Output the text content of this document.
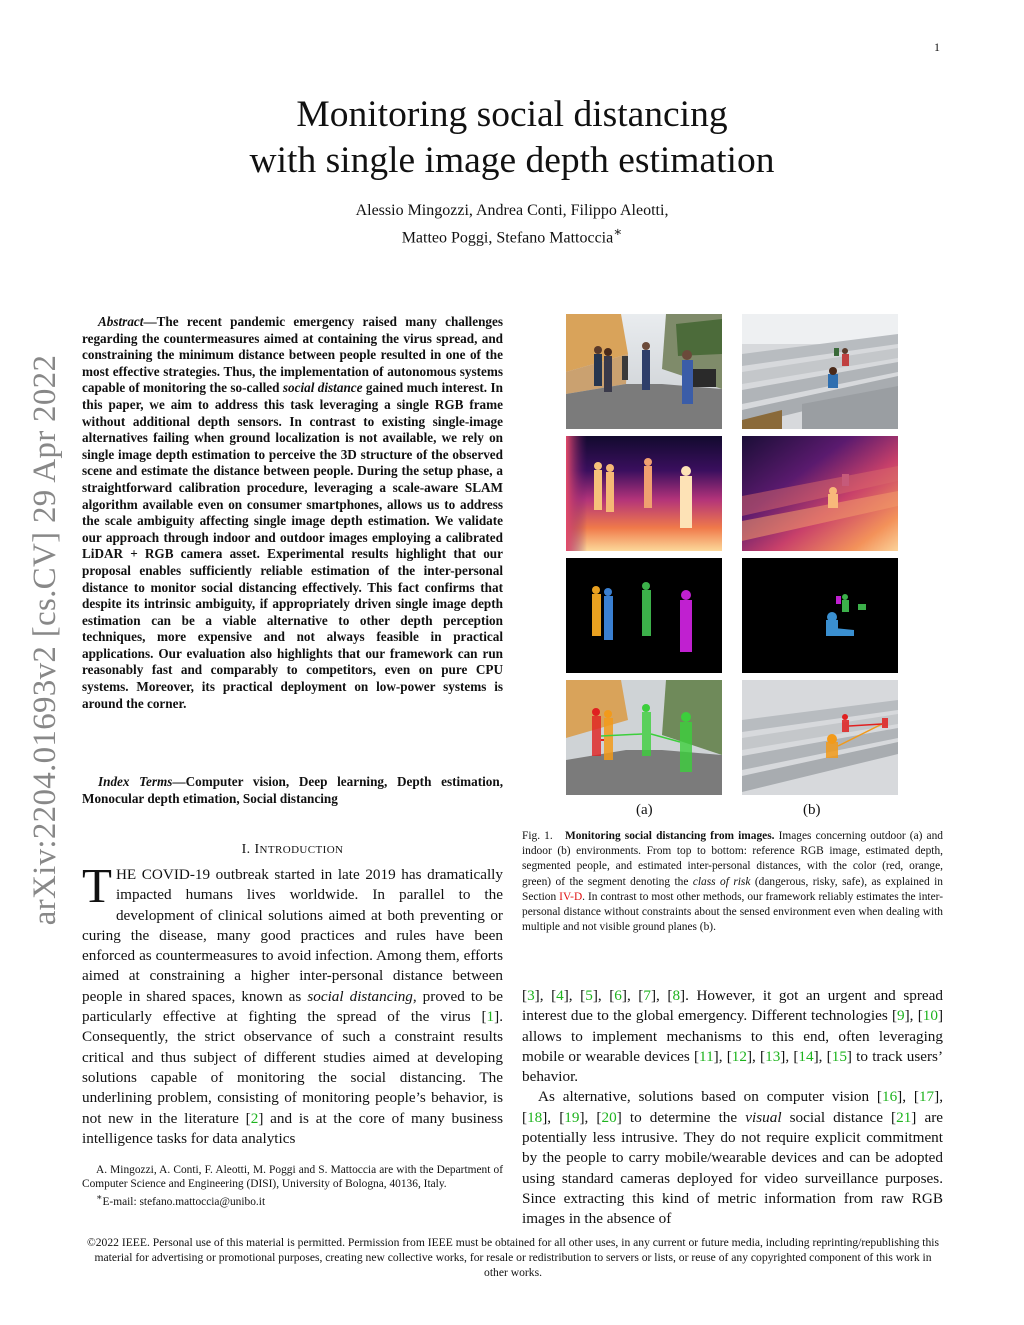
1
arXiv:2204.01693v2 [cs.CV] 29 Apr 2022
Monitoring social distancing
with single image depth estimation
Alessio Mingozzi, Andrea Conti, Filippo Aleotti,
Matteo Poggi, Stefano Mattoccia∗
Abstract—The recent pandemic emergency raised many challenges regarding the countermeasures aimed at containing the virus spread, and constraining the minimum distance between people resulted in one of the most effective strategies. Thus, the implementation of autonomous systems capable of monitoring the so-called social distance gained much interest. In this paper, we aim to address this task leveraging a single RGB frame without additional depth sensors. In contrast to existing single-image alternatives failing when ground localization is not available, we rely on single image depth estimation to perceive the 3D structure of the observed scene and estimate the distance between people. During the setup phase, a straightforward calibration procedure, leveraging a scale-aware SLAM algorithm available even on consumer smartphones, allows us to address the scale ambiguity affecting single image depth estimation. We validate our approach through indoor and outdoor images employing a calibrated LiDAR + RGB camera asset. Experimental results highlight that our proposal enables sufficiently reliable estimation of the inter-personal distance to monitor social distancing effectively. This fact confirms that despite its intrinsic ambiguity, if appropriately driven single image depth estimation can be a viable alternative to other depth perception techniques, more expensive and not always feasible in practical applications. Our evaluation also highlights that our framework can run reasonably fast and comparably to competitors, even on pure CPU systems. Moreover, its practical deployment on low-power systems is around the corner.
Index Terms—Computer vision, Deep learning, Depth estimation, Monocular depth etimation, Social distancing
I. INTRODUCTION
THE COVID-19 outbreak started in late 2019 has dramatically impacted humans lives worldwide. In parallel to the development of clinical solutions aimed at both preventing or curing the disease, many good practices and rules have been enforced as countermeasures to avoid infection. Among them, efforts aimed at constraining a higher inter-personal distance between people in shared spaces, known as social distancing, proved to be particularly effective at fighting the spread of the virus [1]. Consequently, the strict observance of such a constraint results critical and thus subject of different studies aimed at developing solutions capable of monitoring the social distancing. The underlining problem, consisting of monitoring people’s behavior, is not new in the literature [2] and is at the core of many business intelligence tasks for data analytics

A. Mingozzi, A. Conti, F. Aleotti, M. Poggi and S. Mattoccia are with the Department of Computer Science and Engineering (DISI), University of Bologna, 40136, Italy.

∗E-mail: stefano.mattoccia@unibo.it

(a)	(b)
Fig. 1. Monitoring social distancing from images. Images concerning outdoor (a) and indoor (b) environments. From top to bottom: reference RGB image, estimated depth, segmented people, and estimated inter-personal distances, with the color (red, orange, green) of the segment denoting the class of risk (dangerous, risky, safe), as explained in Section IV-D. In contrast to most other methods, our framework reliably estimates the inter-personal distance without constraints about the sensed environment even when dealing with multiple and not visible ground planes (b).

[3], [4], [5], [6], [7], [8]. However, it got an urgent and spread interest due to the global emergency. Different technologies [9], [10] allows to implement mechanisms to this end, often leveraging mobile or wearable devices [11], [12], [13], [14], [15] to track users’ behavior.

As alternative, solutions based on computer vision [16], [17], [18], [19], [20] to determine the visual social distance [21] are potentially less intrusive. They do not require explicit commitment by the people to carry mobile/wearable devices and can be adopted using standard cameras deployed for video surveillance purposes. Since extracting this kind of metric information from raw RGB images in the absence of

©2022 IEEE. Personal use of this material is permitted. Permission from IEEE must be obtained for all other uses, in any current or future media, including reprinting/republishing this material for advertising or promotional purposes, creating new collective works, for resale or redistribution to servers or lists, or reuse of any copyrighted component of this work in other works.
